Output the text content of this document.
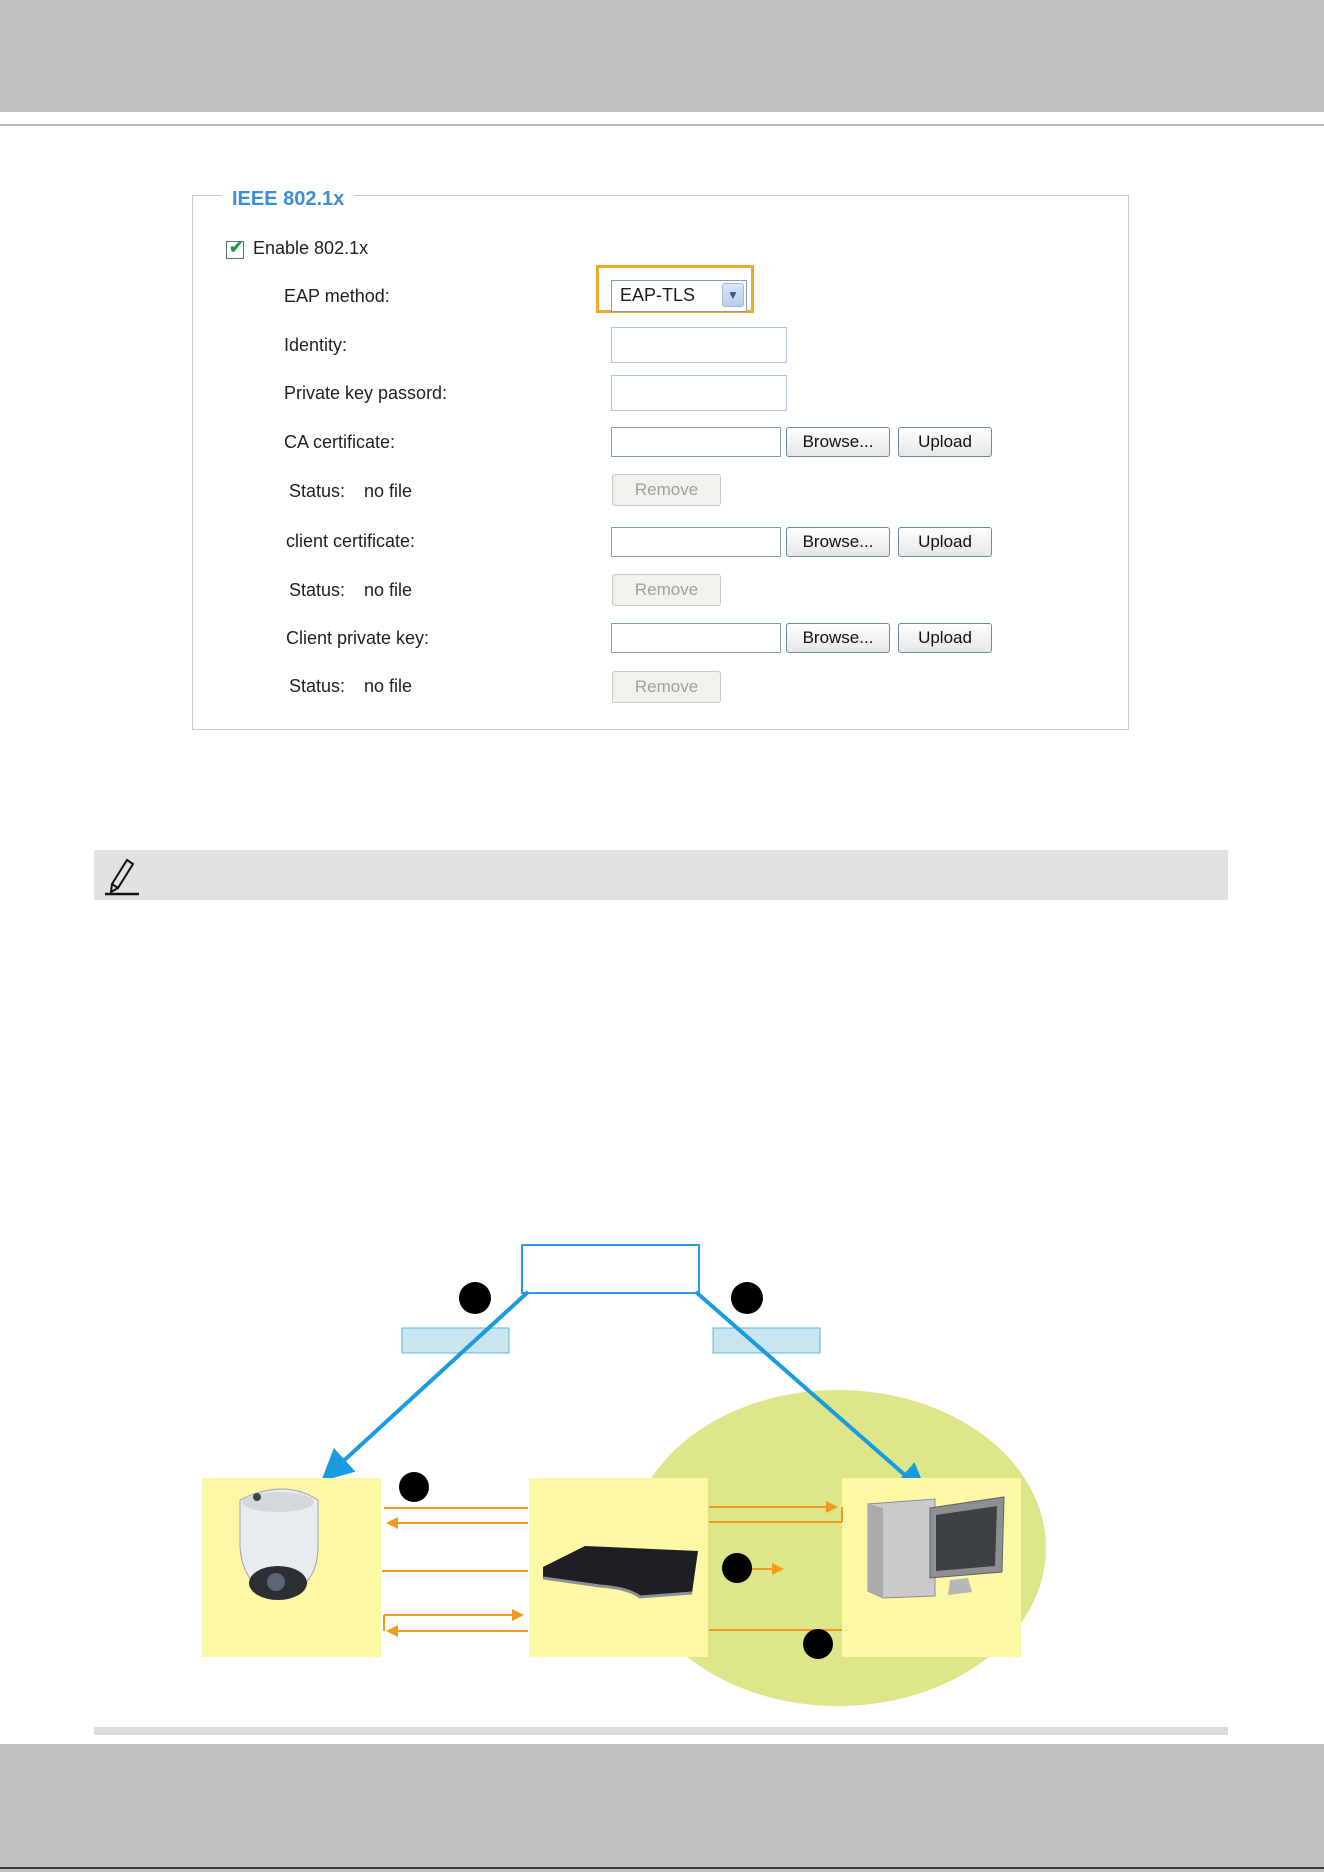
IEEE 802.1x
✔ Enable 802.1x
EAP method:	EAP-TLS	▼
Identity:
Private key passord:
CA certificate:	Browse...	Upload
Status: no file	Remove
client certificate:	Browse...	Upload
Status: no file	Remove
Client private key:	Browse...	Upload
Status: no file	Remove
